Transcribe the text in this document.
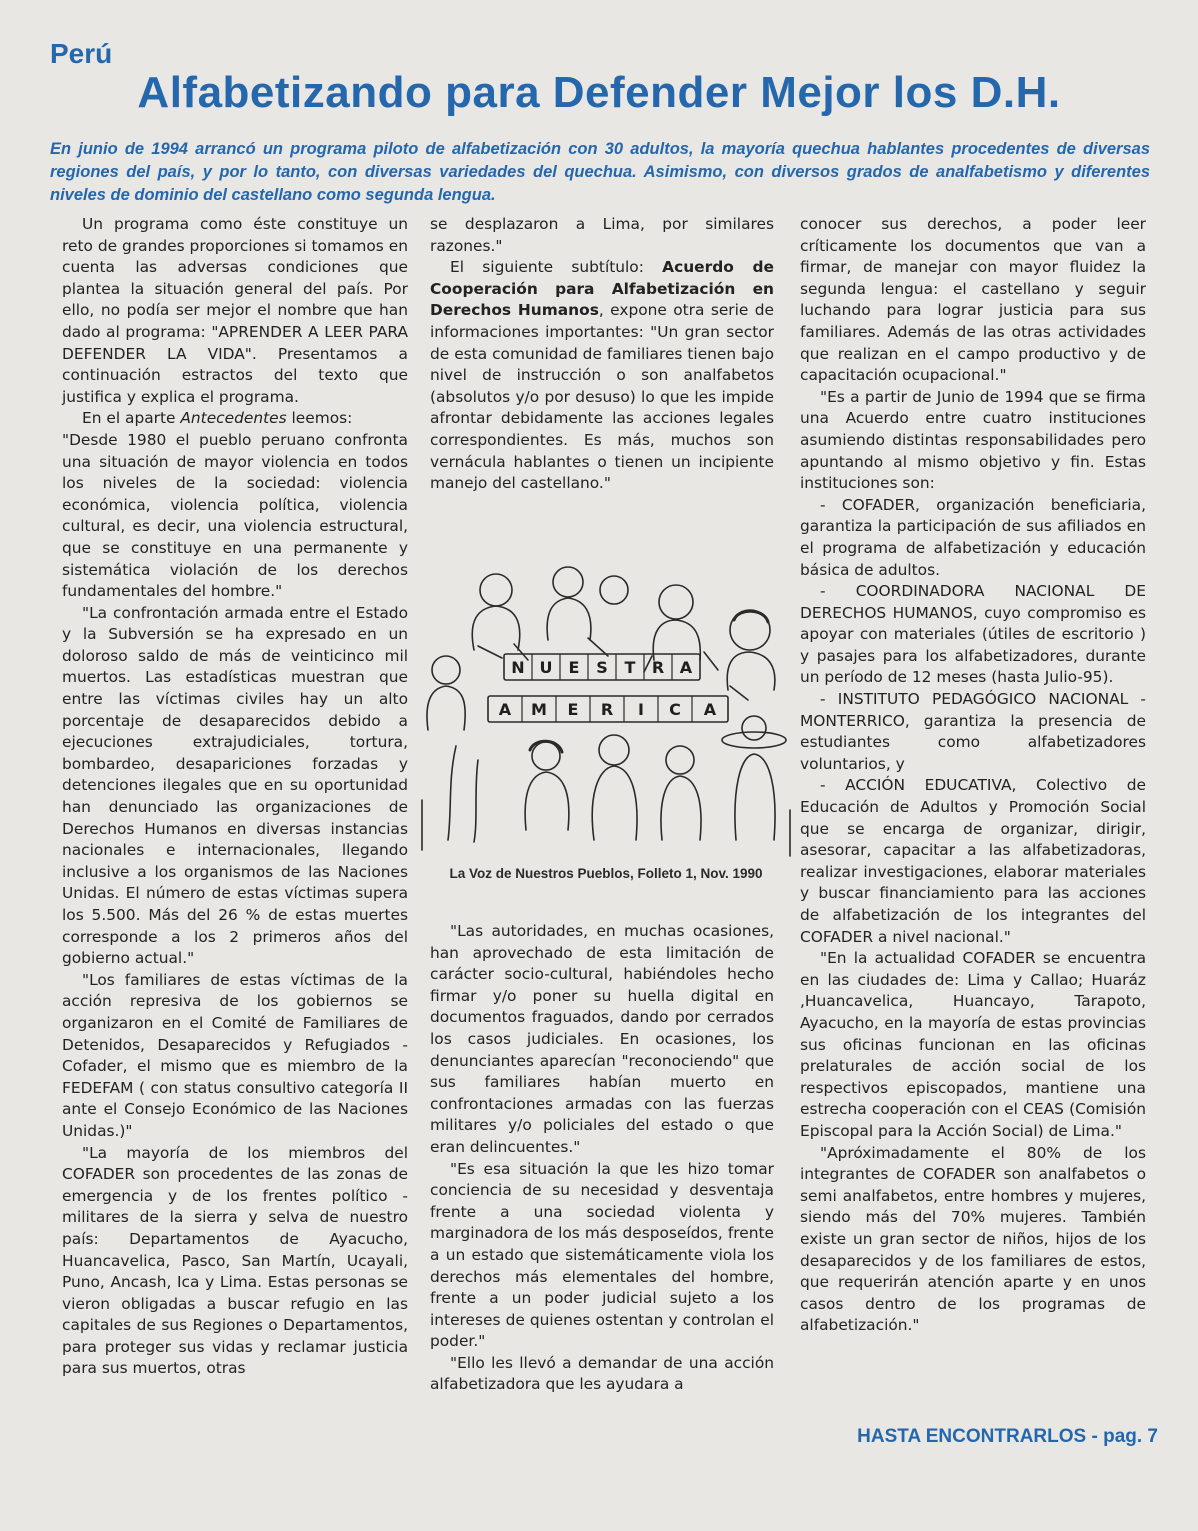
Perú
Alfabetizando para Defender Mejor los D.H.
En junio de 1994 arrancó un programa piloto de alfabetización con 30 adultos, la mayoría quechua hablantes procedentes de diversas regiones del país, y por lo tanto, con diversas variedades del quechua. Asimismo, con diversos grados de analfabetismo y diferentes niveles de dominio del castellano como segunda lengua.

Un programa como éste constituye un reto de grandes proporciones si tomamos en cuenta las adversas condiciones que plantea la situación general del país. Por ello, no podía ser mejor el nombre que han dado al programa: "APRENDER A LEER PARA DEFENDER LA VIDA". Presentamos a continuación estractos del texto que justifica y explica el programa.

En el aparte Antecedentes leemos:

"Desde 1980 el pueblo peruano confronta una situación de mayor violencia en todos los niveles de la sociedad: violencia económica, violencia política, violencia cultural, es decir, una violencia estructural, que se constituye en una permanente y sistemática violación de los derechos fundamentales del hombre."

"La confrontación armada entre el Estado y la Subversión se ha expresado en un doloroso saldo de más de veinticinco mil muertos. Las estadísticas muestran que entre las víctimas civiles hay un alto porcentaje de desaparecidos debido a ejecuciones extrajudiciales, tortura, bombardeo, desapariciones forzadas y detenciones ilegales que en su oportunidad han denunciado las organizaciones de Derechos Humanos en diversas instancias nacionales e internacionales, llegando inclusive a los organismos de las Naciones Unidas. El número de estas víctimas supera los 5.500. Más del 26 % de estas muertes corresponde a los 2 primeros años del gobierno actual."

"Los familiares de estas víctimas de la acción represiva de los gobiernos se organizaron en el Comité de Familiares de Detenidos, Desaparecidos y Refugiados -Cofader, el mismo que es miembro de la FEDEFAM ( con status consultivo categoría II ante el Consejo Económico de las Naciones Unidas.)"

"La mayoría de los miembros del COFADER son procedentes de las zonas de emergencia y de los frentes político - militares de la sierra y selva de nuestro país: Departamentos de Ayacucho, Huancavelica, Pasco, San Martín, Ucayali, Puno, Ancash, Ica y Lima. Estas personas se vieron obligadas a buscar refugio en las capitales de sus Regiones o Departamentos, para proteger sus vidas y reclamar justicia para sus muertos, otras

se desplazaron a Lima, por similares razones."

El siguiente subtítulo: Acuerdo de Cooperación para Alfabetización en Derechos Humanos, expone otra serie de informaciones importantes: "Un gran sector de esta comunidad de familiares tienen bajo nivel de instrucción o son analfabetos (absolutos y/o por desuso) lo que les impide afrontar debidamente las acciones legales correspondientes. Es más, muchos son vernácula hablantes o tienen un incipiente manejo del castellano."

N U E S T R A
A M E R I C A
La Voz de Nuestros Pueblos, Folleto 1, Nov. 1990

"Las autoridades, en muchas ocasiones, han aprovechado de esta limitación de carácter socio-cultural, habiéndoles hecho firmar y/o poner su huella digital en documentos fraguados, dando por cerrados los casos judiciales. En ocasiones, los denunciantes aparecían "reconociendo" que sus familiares habían muerto en confrontaciones armadas con las fuerzas militares y/o policiales del estado o que eran delincuentes."

"Es esa situación la que les hizo tomar conciencia de su necesidad y desventaja frente a una sociedad violenta y marginadora de los más desposeídos, frente a un estado que sistemáticamente viola los derechos más elementales del hombre, frente a un poder judicial sujeto a los intereses de quienes ostentan y controlan el poder."

"Ello les llevó a demandar de una acción alfabetizadora que les ayudara a

conocer sus derechos, a poder leer críticamente los documentos que van a firmar, de manejar con mayor fluidez la segunda lengua: el castellano y seguir luchando para lograr justicia para sus familiares. Además de las otras actividades que realizan en el campo productivo y de capacitación ocupacional."

"Es a partir de Junio de 1994 que se firma una Acuerdo entre cuatro instituciones asumiendo distintas responsabilidades pero apuntando al mismo objetivo y fin. Estas instituciones son:

- COFADER, organización beneficiaria, garantiza la participación de sus afiliados en el programa de alfabetización y educación básica de adultos.

- COORDINADORA NACIONAL DE DERECHOS HUMANOS, cuyo compromiso es apoyar con materiales (útiles de escritorio ) y pasajes para los alfabetizadores, durante un período de 12 meses (hasta Julio-95).

- INSTITUTO PEDAGÓGICO NACIONAL - MONTERRICO, garantiza la presencia de estudiantes como alfabetizadores voluntarios, y

- ACCIÓN EDUCATIVA, Colectivo de Educación de Adultos y Promoción Social que se encarga de organizar, dirigir, asesorar, capacitar a las alfabetizadoras, realizar investigaciones, elaborar materiales y buscar financiamiento para las acciones de alfabetización de los integrantes del COFADER a nivel nacional."

"En la actualidad COFADER se encuentra en las ciudades de: Lima y Callao; Huaráz ,Huancavelica, Huancayo, Tarapoto, Ayacucho, en la mayoría de estas provincias sus oficinas funcionan en las oficinas prelaturales de acción social de los respectivos episcopados, mantiene una estrecha cooperación con el CEAS (Comisión Episcopal para la Acción Social) de Lima."

"Apróximadamente el 80% de los integrantes de COFADER son analfabetos o semi analfabetos, entre hombres y mujeres, siendo más del 70% mujeres. También existe un gran sector de niños, hijos de los desaparecidos y de los familiares de estos, que requerirán atención aparte y en unos casos dentro de los programas de alfabetización."

HASTA ENCONTRARLOS - pag. 7
